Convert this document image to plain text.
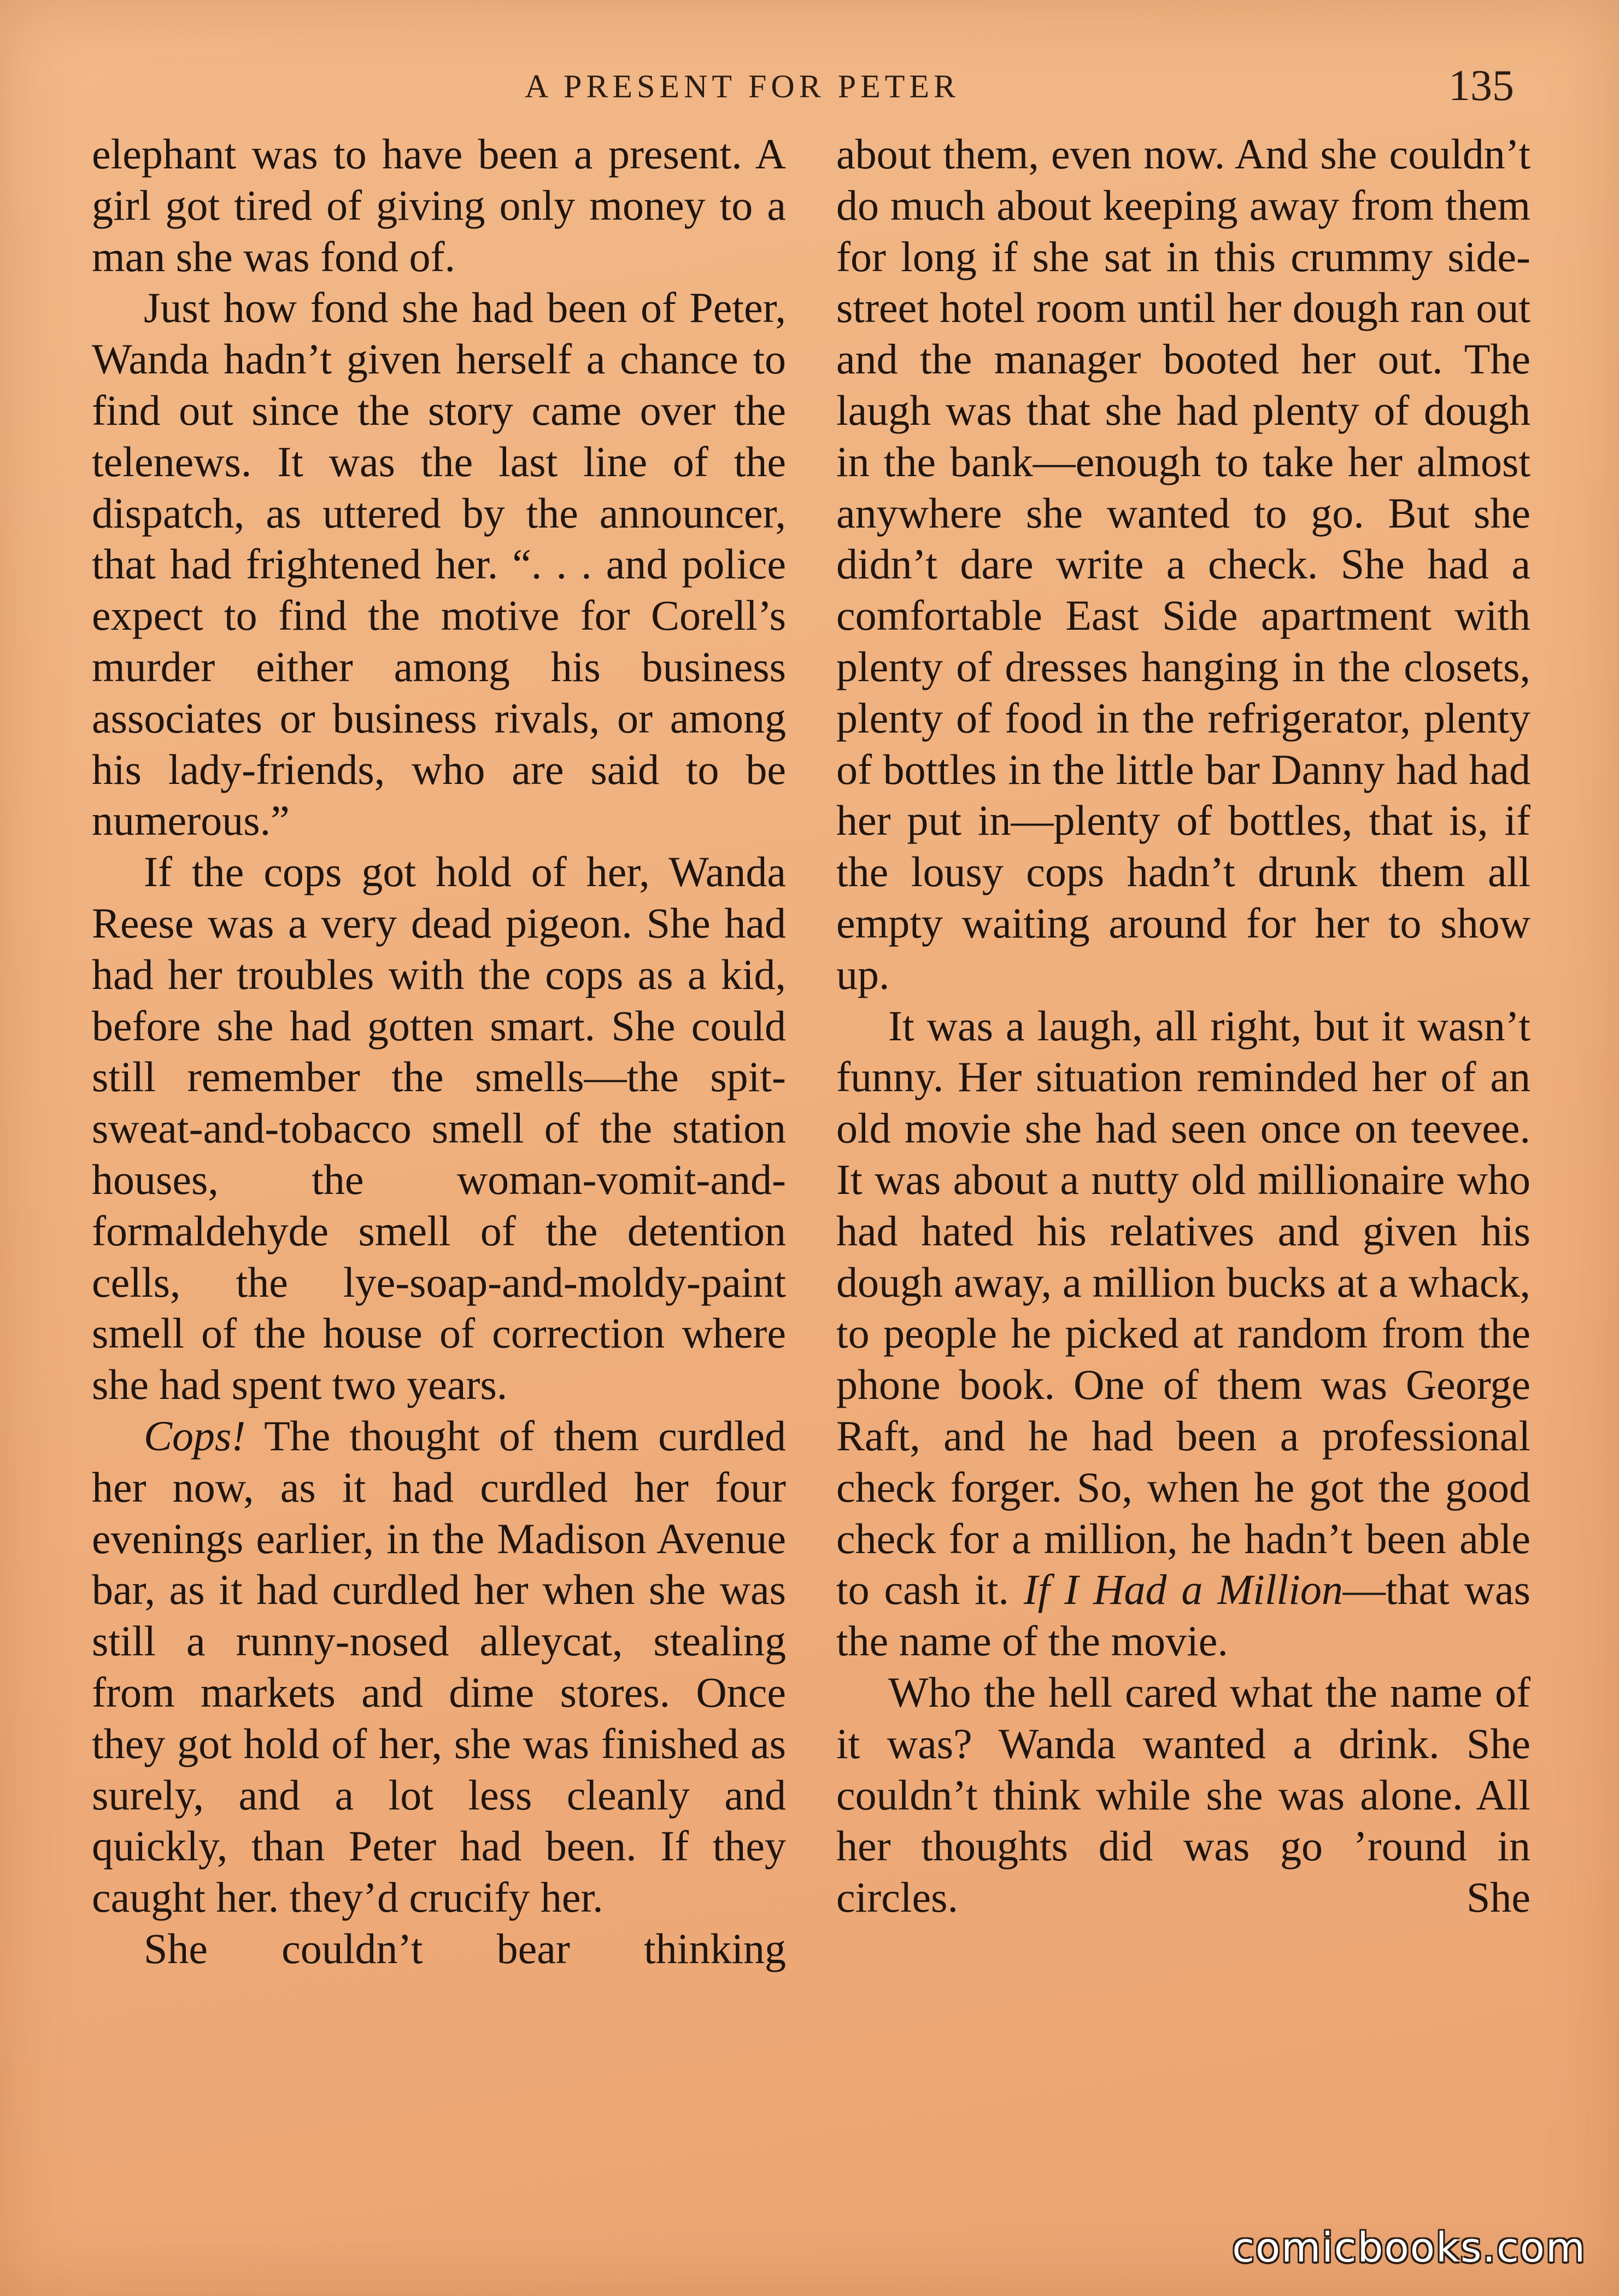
A PRESENT FOR PETER	135

elephant was to have been a present. A girl got tired of giving only money to a man she was fond of.

Just how fond she had been of Peter, Wanda hadn’t given herself a chance to find out since the story came over the telenews. It was the last line of the dispatch, as uttered by the announcer, that had frightened her. “. . . and police expect to find the motive for Corell’s murder either among his business associates or business rivals, or among his lady-friends, who are said to be numerous.”

If the cops got hold of her, Wanda Reese was a very dead pigeon. She had had her troubles with the cops as a kid, before she had gotten smart. She could still remember the smells—the spit-sweat-and-tobacco smell of the station houses, the woman-vomit-and-formaldehyde smell of the detention cells, the lye-soap-and-moldy-paint smell of the house of correction where she had spent two years.

Cops! The thought of them curdled her now, as it had curdled her four evenings earlier, in the Madison Avenue bar, as it had curdled her when she was still a runny-nosed alleycat, stealing from markets and dime stores. Once they got hold of her, she was finished as surely, and a lot less cleanly and quickly, than Peter had been. If they caught her. they’d crucify her.

She couldn’t bear thinking

about them, even now. And she couldn’t do much about keeping away from them for long if she sat in this crummy side-street hotel room until her dough ran out and the manager booted her out. The laugh was that she had plenty of dough in the bank—enough to take her almost anywhere she wanted to go. But she didn’t dare write a check. She had a comfortable East Side apartment with plenty of dresses hanging in the closets, plenty of food in the refrigerator, plenty of bottles in the little bar Danny had had her put in—plenty of bottles, that is, if the lousy cops hadn’t drunk them all empty waiting around for her to show up.

It was a laugh, all right, but it wasn’t funny. Her situation reminded her of an old movie she had seen once on teevee. It was about a nutty old millionaire who had hated his relatives and given his dough away, a million bucks at a whack, to people he picked at random from the phone book. One of them was George Raft, and he had been a professional check forger. So, when he got the good check for a million, he hadn’t been able to cash it. If I Had a Million—that was the name of the movie.

Who the hell cared what the name of it was? Wanda wanted a drink. She couldn’t think while she was alone. All her thoughts did was go ’round in circles. She

comicbooks.com
